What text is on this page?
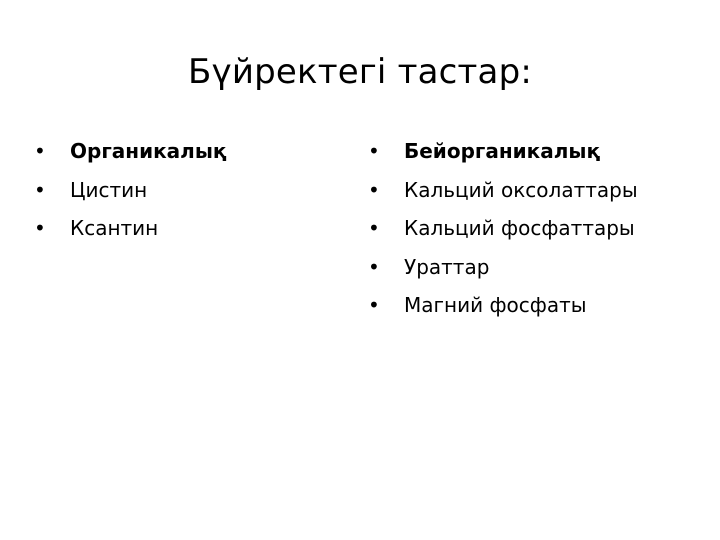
Бүйректегі тастар:
•	Органикалық
•	Цистин
•	Ксантин
•	Бейорганикалық
•	Кальций оксолаттары
•	Кальций фосфаттары
•	Ураттар
•	Магний фосфаты
